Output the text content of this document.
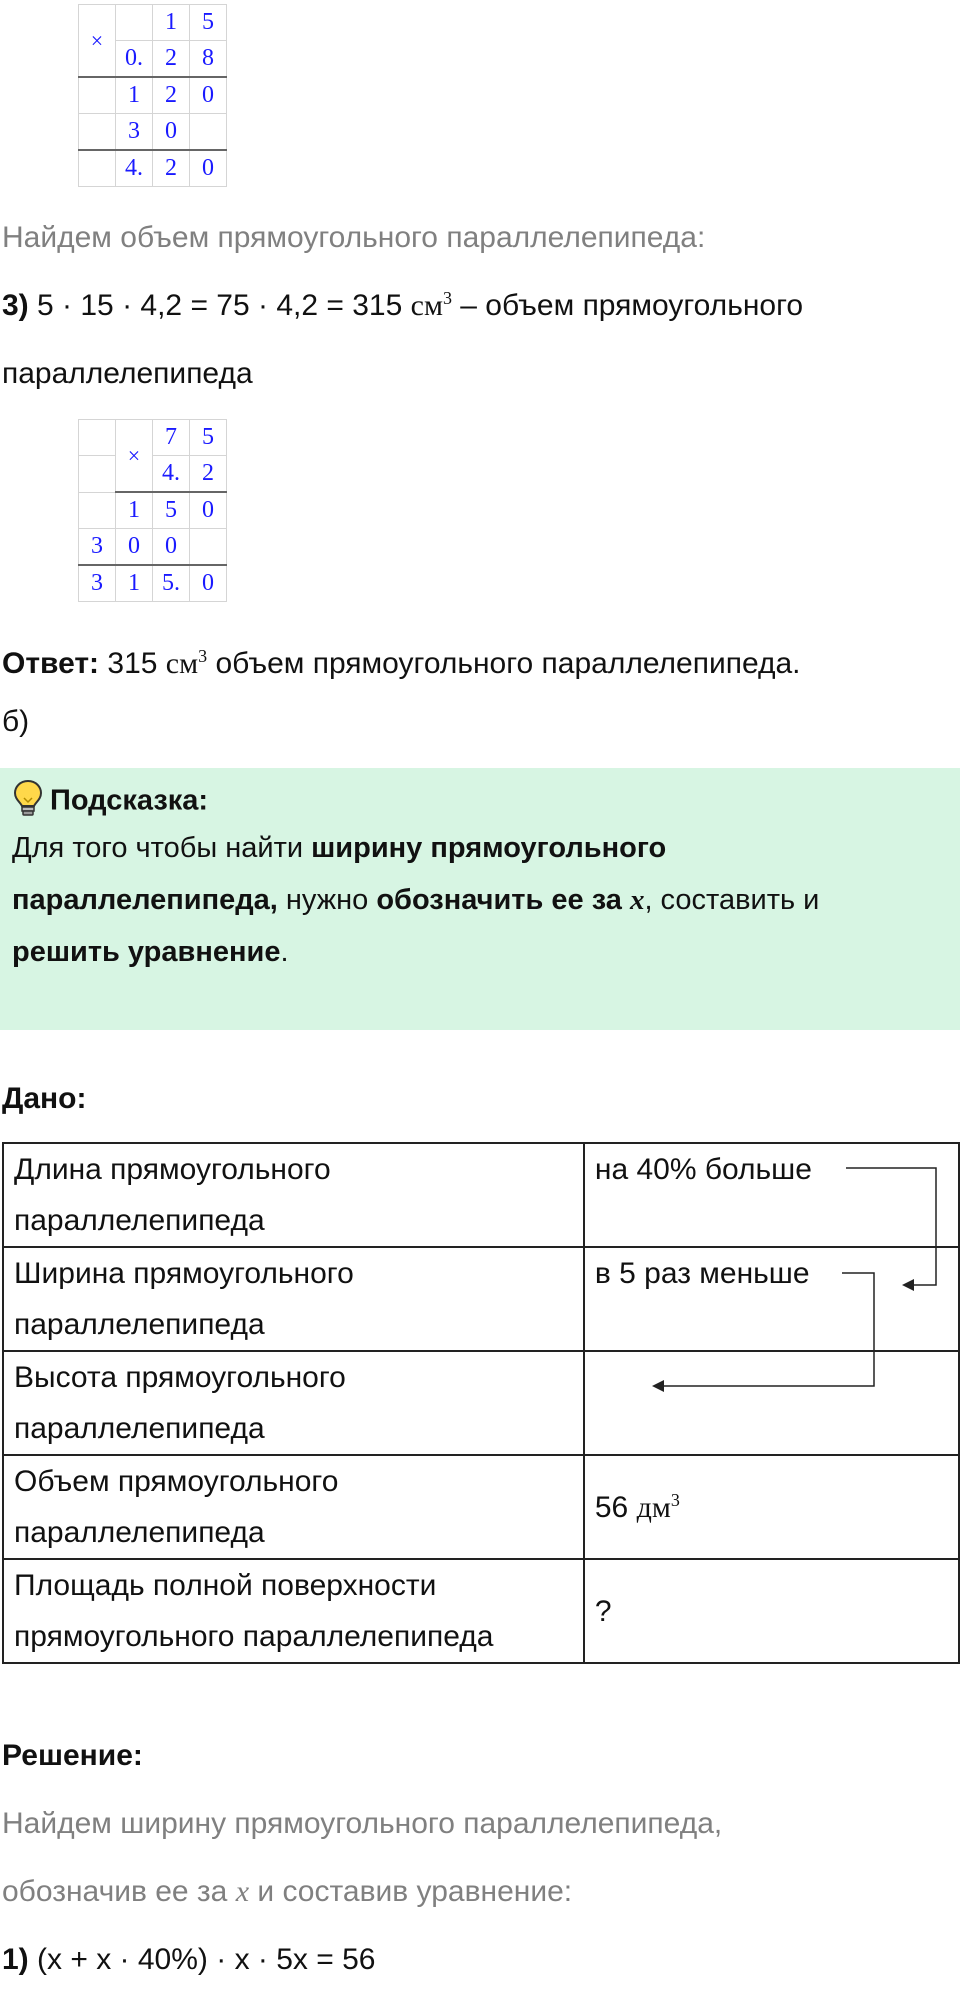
×		1	5
	0.	2	8
	1	2	0
	3	0	
	4.	2	0
Найдем объем прямоугольного параллелепипеда:
3) 5 · 15 · 4,2 = 75 · 4,2 = 315 $см^3$ – объем прямоугольного
параллелепипеда
	×	7	5
		4.	2
	1	5	0
3	0	0	
3	1	5.	0
Ответ: 315 $см^3$ объем прямоугольного параллелепипеда.
б)
Подсказка:
Для того чтобы найти ширину прямоугольного
параллелепипеда, нужно обозначить ее за x, составить и
решить уравнение.
Дано:
Длина прямоугольного
параллелепипеда	на 40% больше
Ширина прямоугольного
параллелепипеда	в 5 раз меньше
Высота прямоугольного
параллелепипеда	
Объем прямоугольного
параллелепипеда	56 $дм^3$
Площадь полной поверхности
прямоугольного параллелепипеда	?
Решение:
Найдем ширину прямоугольного параллелепипеда,
обозначив ее за x и составив уравнение:
1) (x + x · 40%) · x · 5x = 56
